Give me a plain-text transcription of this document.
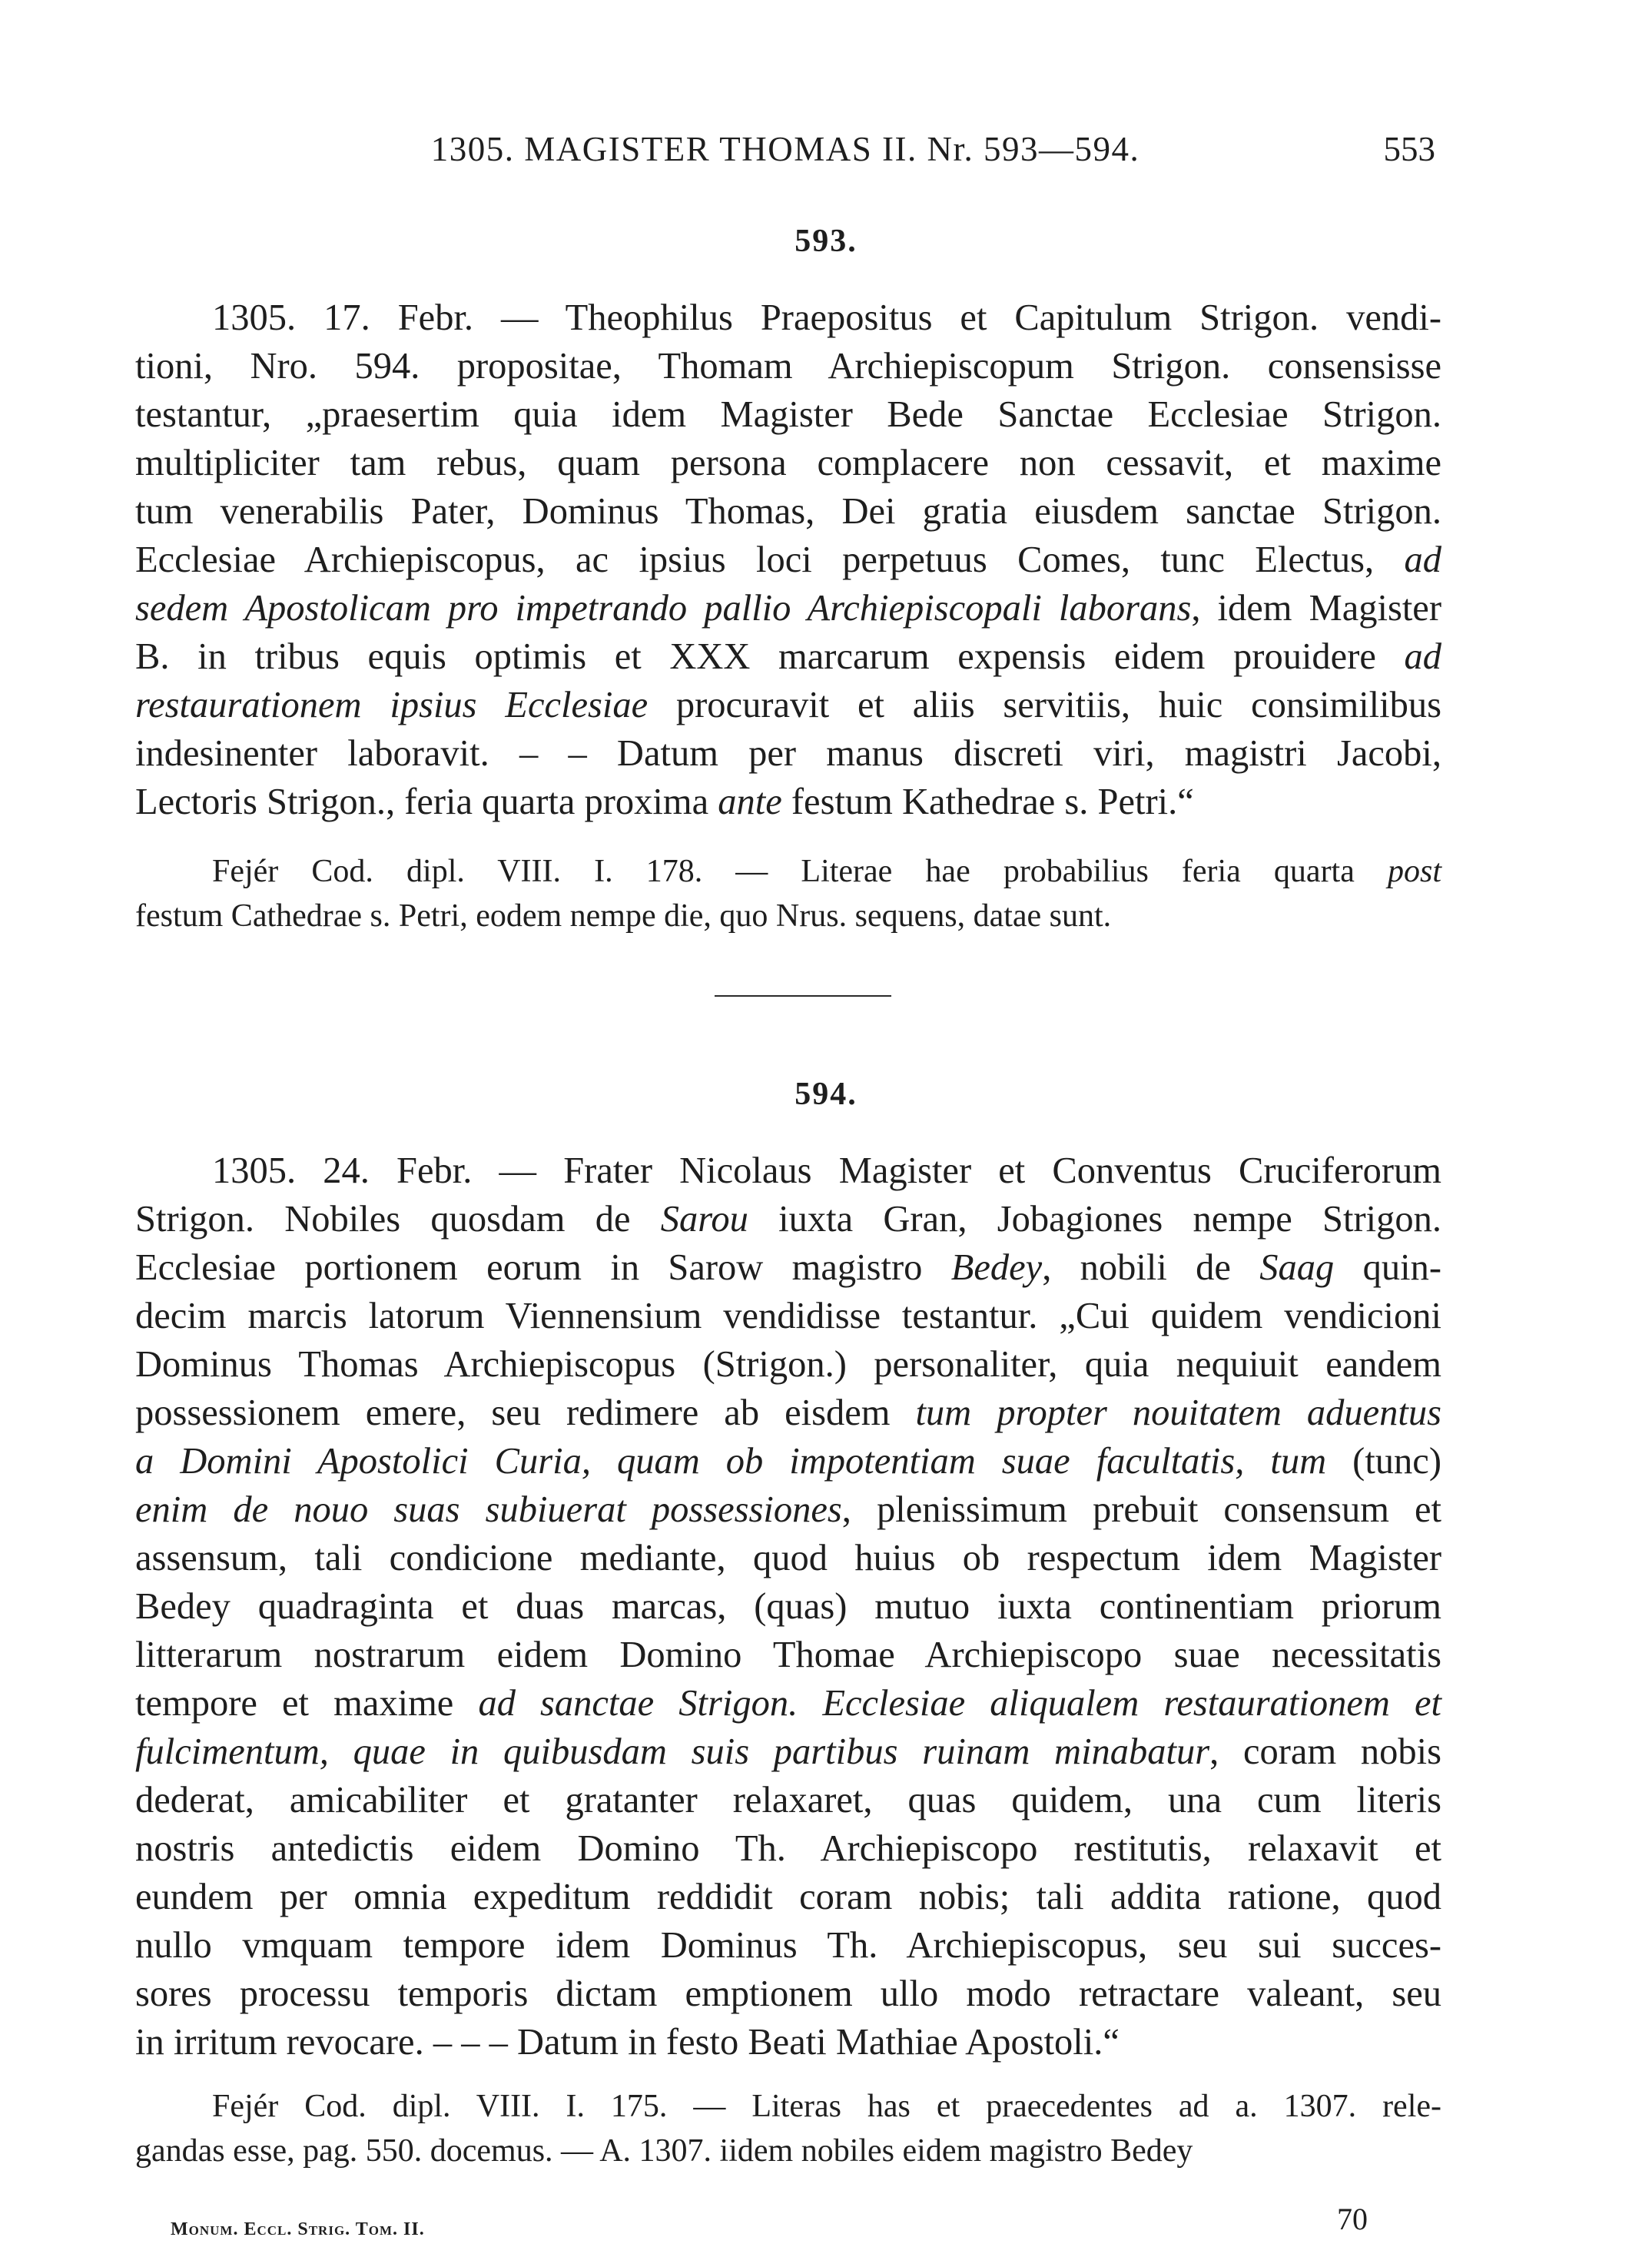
1305. MAGISTER THOMAS II. Nr. 593—594.	553
593.
1305. 17. Febr. — Theophilus Praepositus et Capitulum Strigon. vendi-
tioni, Nro. 594. propositae, Thomam Archiepiscopum Strigon. consensisse
testantur, „praesertim quia idem Magister Bede Sanctae Ecclesiae Strigon.
multipliciter tam rebus, quam persona complacere non cessavit, et maxime
tum venerabilis Pater, Dominus Thomas, Dei gratia eiusdem sanctae Strigon.
Ecclesiae Archiepiscopus, ac ipsius loci perpetuus Comes, tunc Electus, ad
sedem Apostolicam pro impetrando pallio Archiepiscopali laborans, idem Magister
B. in tribus equis optimis et XXX marcarum expensis eidem prouidere ad
restaurationem ipsius Ecclesiae procuravit et aliis servitiis, huic consimilibus
indesinenter laboravit. – – Datum per manus discreti viri, magistri Jacobi,
Lectoris Strigon., feria quarta proxima ante festum Kathedrae s. Petri.“
Fejér Cod. dipl. VIII. I. 178. — Literae hae probabilius feria quarta post
festum Cathedrae s. Petri, eodem nempe die, quo Nrus. sequens, datae sunt.
594.
1305. 24. Febr. — Frater Nicolaus Magister et Conventus Cruciferorum
Strigon. Nobiles quosdam de Sarou iuxta Gran, Jobagiones nempe Strigon.
Ecclesiae portionem eorum in Sarow magistro Bedey, nobili de Saag quin-
decim marcis latorum Viennensium vendidisse testantur. „Cui quidem vendicioni
Dominus Thomas Archiepiscopus (Strigon.) personaliter, quia nequiuit eandem
possessionem emere, seu redimere ab eisdem tum propter nouitatem aduentus
a Domini Apostolici Curia, quam ob impotentiam suae facultatis, tum (tunc)
enim de nouo suas subiuerat possessiones, plenissimum prebuit consensum et
assensum, tali condicione mediante, quod huius ob respectum idem Magister
Bedey quadraginta et duas marcas, (quas) mutuo iuxta continentiam priorum
litterarum nostrarum eidem Domino Thomae Archiepiscopo suae necessitatis
tempore et maxime ad sanctae Strigon. Ecclesiae aliqualem restaurationem et
fulcimentum, quae in quibusdam suis partibus ruinam minabatur, coram nobis
dederat, amicabiliter et gratanter relaxaret, quas quidem, una cum literis
nostris antedictis eidem Domino Th. Archiepiscopo restitutis, relaxavit et
eundem per omnia expeditum reddidit coram nobis; tali addita ratione, quod
nullo vmquam tempore idem Dominus Th. Archiepiscopus, seu sui succes-
sores processu temporis dictam emptionem ullo modo retractare valeant, seu
in irritum revocare. – – – Datum in festo Beati Mathiae Apostoli.“
Fejér Cod. dipl. VIII. I. 175. — Literas has et praecedentes ad a. 1307. rele-
gandas esse, pag. 550. docemus. — A. 1307. iidem nobiles eidem magistro Bedey
Monum. Eccl. Strig. Tom. II.	70
